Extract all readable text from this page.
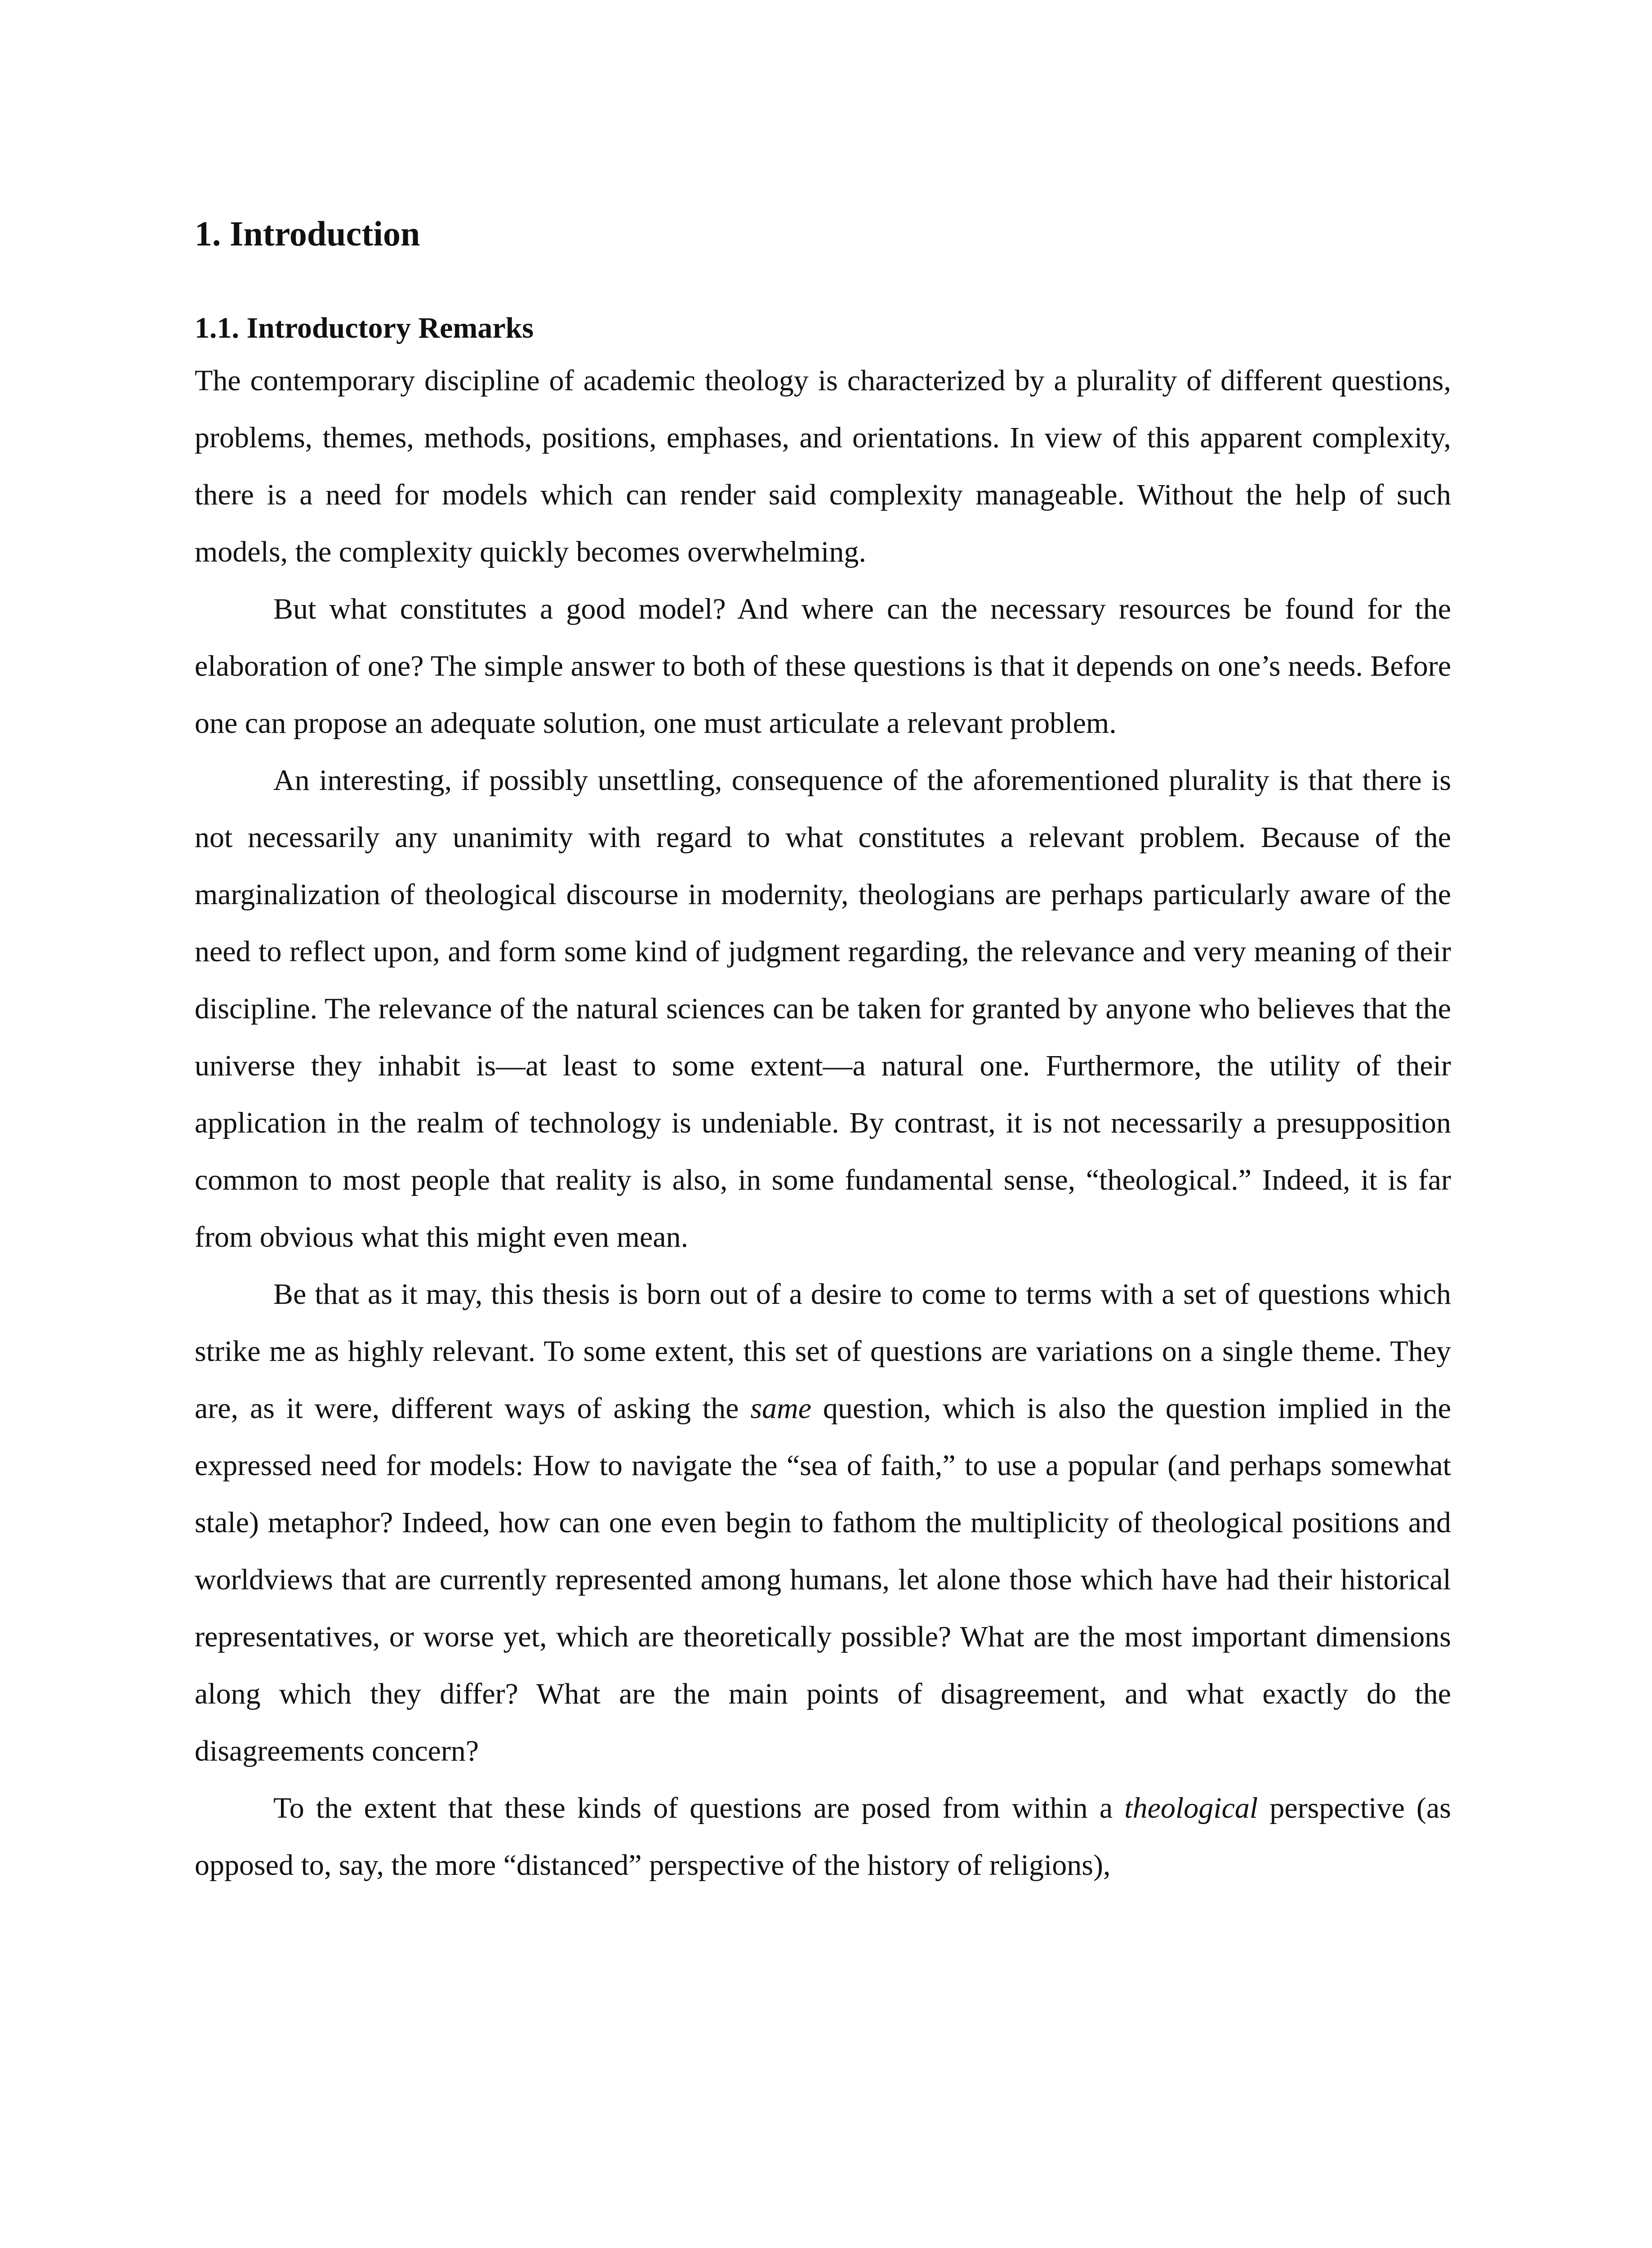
1. Introduction
1.1. Introductory Remarks

The contemporary discipline of academic theology is characterized by a plurality of different questions, problems, themes, methods, positions, emphases, and orientations. In view of this apparent complexity, there is a need for models which can render said complexity manageable. Without the help of such models, the complexity quickly becomes overwhelming.

But what constitutes a good model? And where can the necessary resources be found for the elaboration of one? The simple answer to both of these questions is that it depends on one’s needs. Before one can propose an adequate solution, one must articulate a relevant problem.

An interesting, if possibly unsettling, consequence of the aforementioned plurality is that there is not necessarily any unanimity with regard to what constitutes a relevant problem. Because of the marginalization of theological discourse in modernity, theologians are perhaps particularly aware of the need to reflect upon, and form some kind of judgment regarding, the relevance and very meaning of their discipline. The relevance of the natural sciences can be taken for granted by anyone who believes that the universe they inhabit is—at least to some extent—a natural one. Furthermore, the utility of their application in the realm of technology is undeniable. By contrast, it is not necessarily a presupposition common to most people that reality is also, in some fundamental sense, “theological.” Indeed, it is far from obvious what this might even mean.

Be that as it may, this thesis is born out of a desire to come to terms with a set of questions which strike me as highly relevant. To some extent, this set of questions are variations on a single theme. They are, as it were, different ways of asking the same question, which is also the question implied in the expressed need for models: How to navigate the “sea of faith,” to use a popular (and perhaps somewhat stale) metaphor? Indeed, how can one even begin to fathom the multiplicity of theological positions and worldviews that are currently represented among humans, let alone those which have had their historical representatives, or worse yet, which are theoretically possible? What are the most important dimensions along which they differ? What are the main points of disagreement, and what exactly do the disagreements concern?

To the extent that these kinds of questions are posed from within a theological perspective (as opposed to, say, the more “distanced” perspective of the history of religions),
